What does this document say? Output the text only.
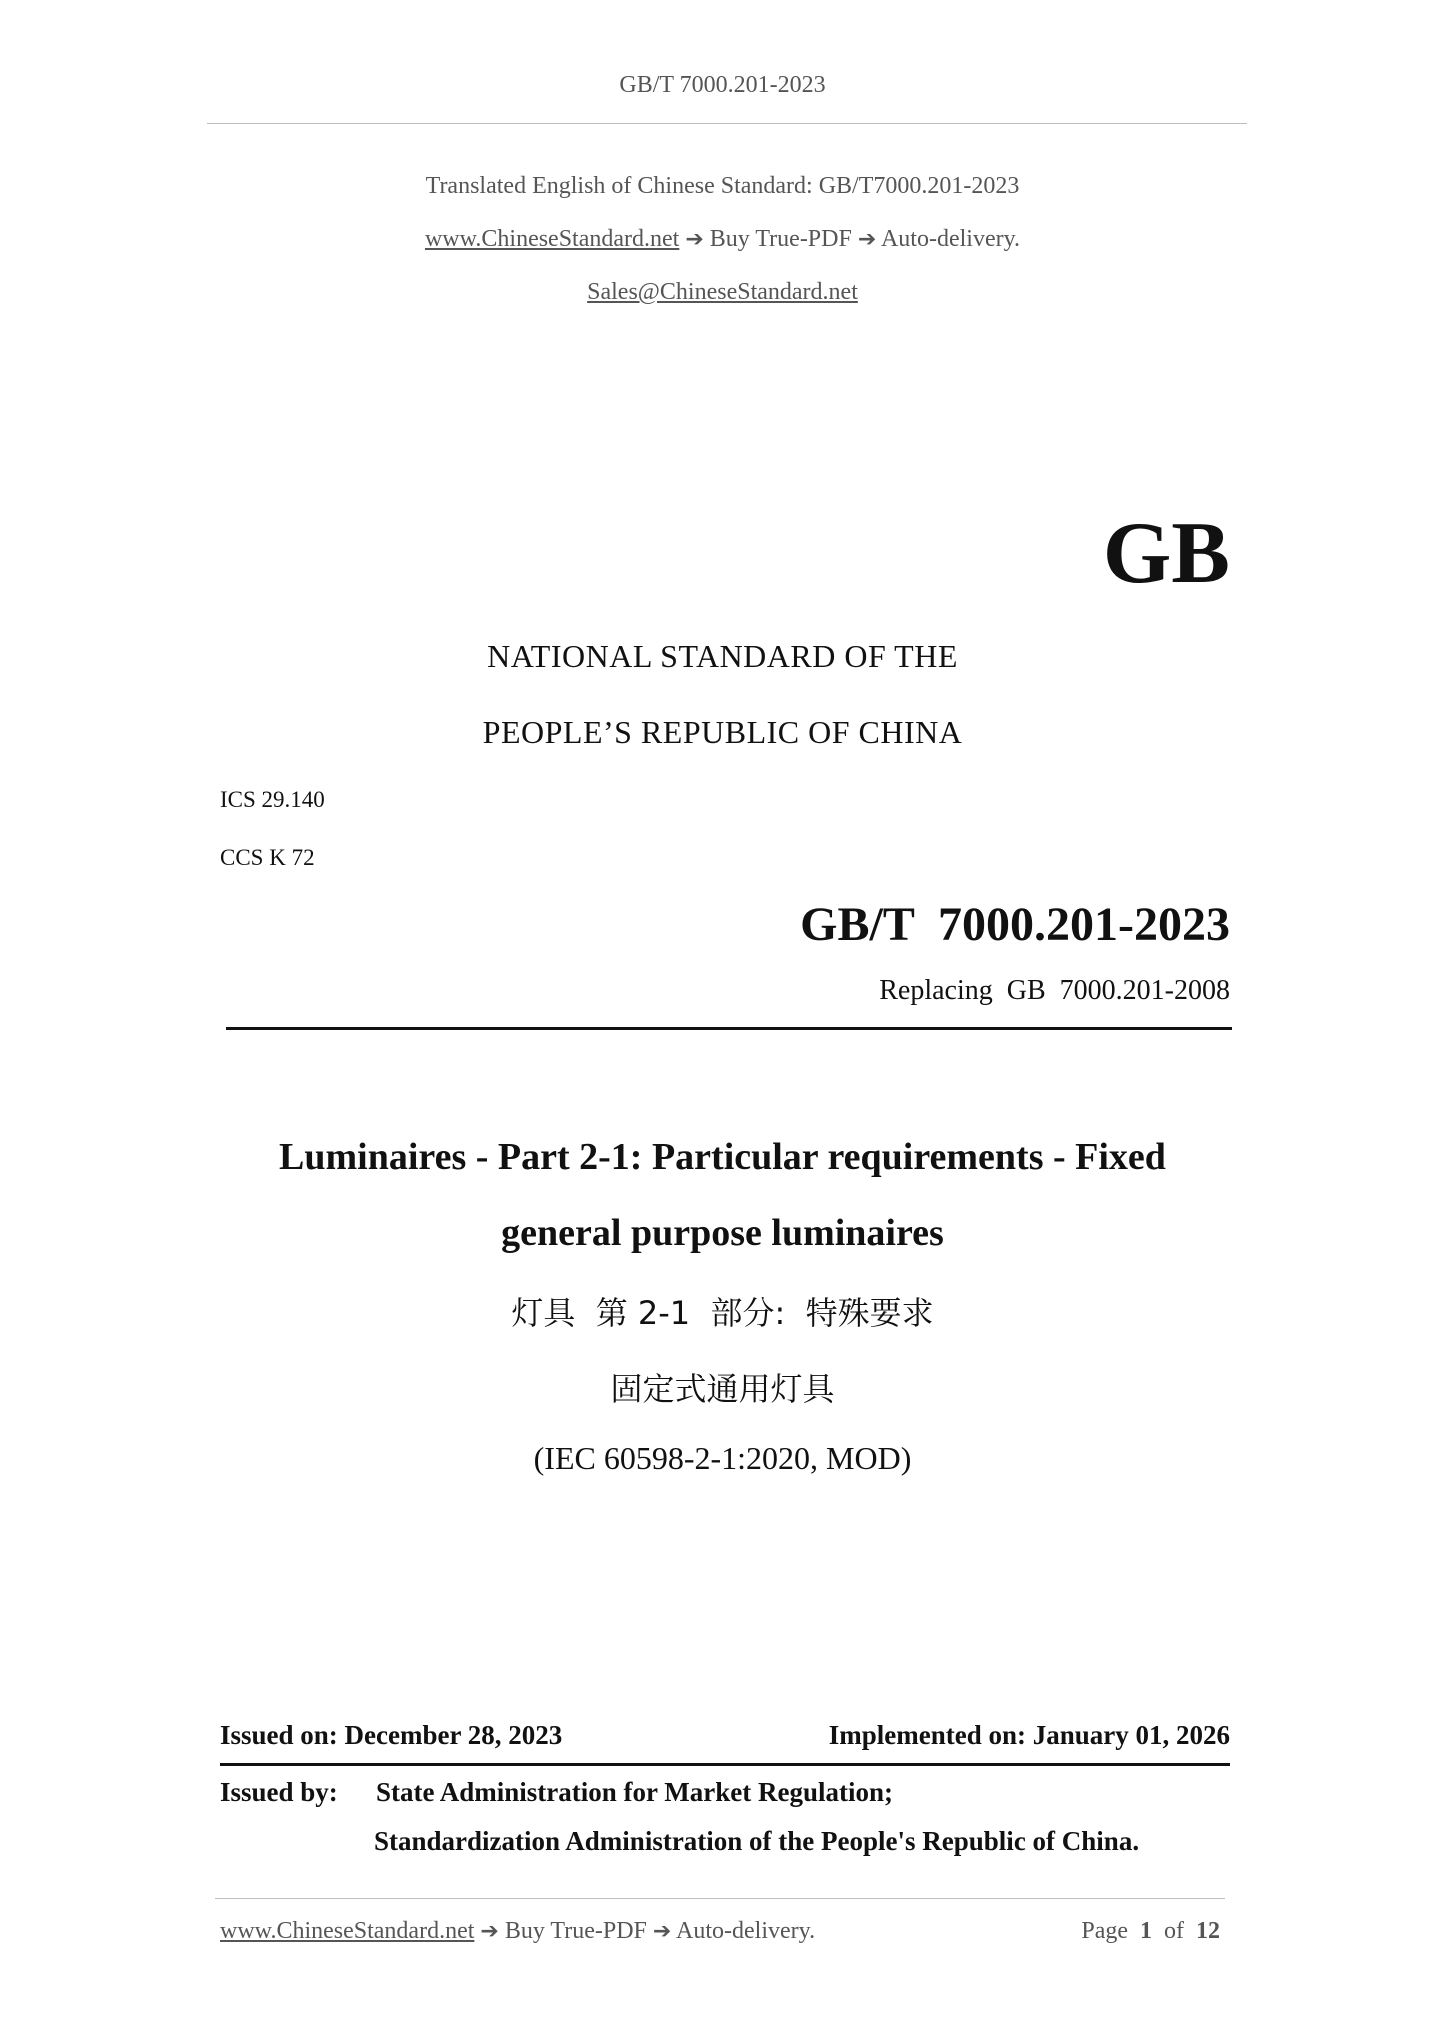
GB/T 7000.201-2023
Translated English of Chinese Standard: GB/T7000.201-2023
www.ChineseStandard.net ➔ Buy True-PDF ➔ Auto-delivery.
Sales@ChineseStandard.net
GB
NATIONAL STANDARD OF THE
PEOPLE’S REPUBLIC OF CHINA
ICS 29.140
CCS K 72
GB/T  7000.201-2023
Replacing  GB  7000.201-2008
Luminaires - Part 2-1: Particular requirements - Fixed
general purpose luminaires
灯具  第 2-1  部分:  特殊要求
固定式通用灯具
(IEC 60598-2-1:2020, MOD)
Issued on: December 28, 2023	Implemented on: January 01, 2026
Issued by: State Administration for Market Regulation;
Standardization Administration of the People's Republic of China.
www.ChineseStandard.net ➔ Buy True-PDF ➔ Auto-delivery.	Page 1 of 12
